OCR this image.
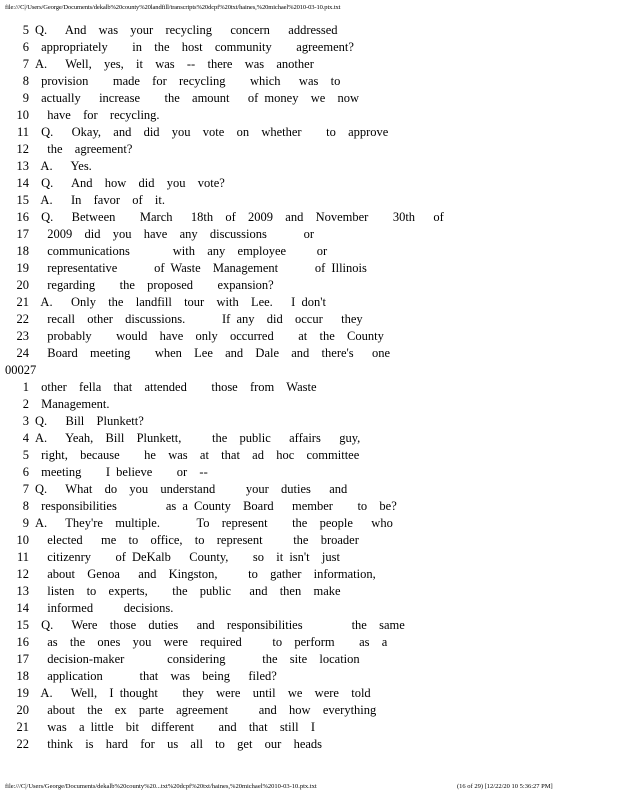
file:///C|/Users/George/Documents/dekalb%20county%20landfill/transcripts%20dcpf%20txt/haines,%20michael%2010-03-10.ptx.txt
5 Q.   And  was  your  recycling   concern   addressed
6 appropriately    in  the  host  community    agreement?
7 A.   Well,  yes,  it  was  --  there  was  another
8 provision    made  for  recycling    which   was  to
9 actually   increase    the  amount   of money  we  now
10 have  for  recycling.
11 Q.   Okay,  and  did  you  vote  on  whether    to  approve
12 the  agreement?
13 A.   Yes.
14 Q.   And  how  did  you  vote?
15 A.   In  favor  of  it.
16 Q.   Between    March   18th  of  2009  and  November    30th   of
17 2009  did  you  have  any  discussions      or
18 communications       with  any  employee     or
19 representative      of Waste  Management      of Illinois
20 regarding    the  proposed    expansion?
21 A.   Only  the  landfill  tour  with  Lee.   I don't
22 recall  other  discussions.      If any  did  occur   they
23 probably    would  have  only  occurred    at  the  County
24 Board  meeting    when  Lee  and  Dale  and  there's   one
00027
1 other  fella  that  attended    those  from  Waste
2 Management.
3 Q.   Bill  Plunkett?
4 A.   Yeah,  Bill  Plunkett,     the  public   affairs   guy,
5 right,  because    he  was  at  that  ad  hoc  committee
6 meeting    I believe    or  --
7 Q.   What  do  you  understand     your  duties   and
8 responsibilities        as a County  Board   member    to  be?
9 A.   They're  multiple.      To  represent    the  people   who
10 elected   me  to  office,  to  represent     the  broader
11 citizenry    of DeKalb   County,    so  it isn't  just
12 about  Genoa   and  Kingston,     to  gather  information,
13 listen  to  experts,    the  public   and  then  make
14 informed     decisions.
15 Q.   Were  those  duties   and  responsibilities        the  same
16 as  the  ones  you  were  required     to  perform    as  a
17 decision-maker       considering      the  site  location
18 application      that  was  being   filed?
19 A.   Well,  I thought    they  were  until  we  were  told
20 about  the  ex  parte  agreement     and  how  everything
21 was  a little  bit  different    and  that  still  I
22 think  is  hard  for  us  all  to  get  our  heads
file:///C|/Users/George/Documents/dekalb%20county%20...txt%20dcpf%20txt/haines,%20michael%2010-03-10.ptx.txt	(16 of 29) [12/22/20 10 5:36:27 PM]
